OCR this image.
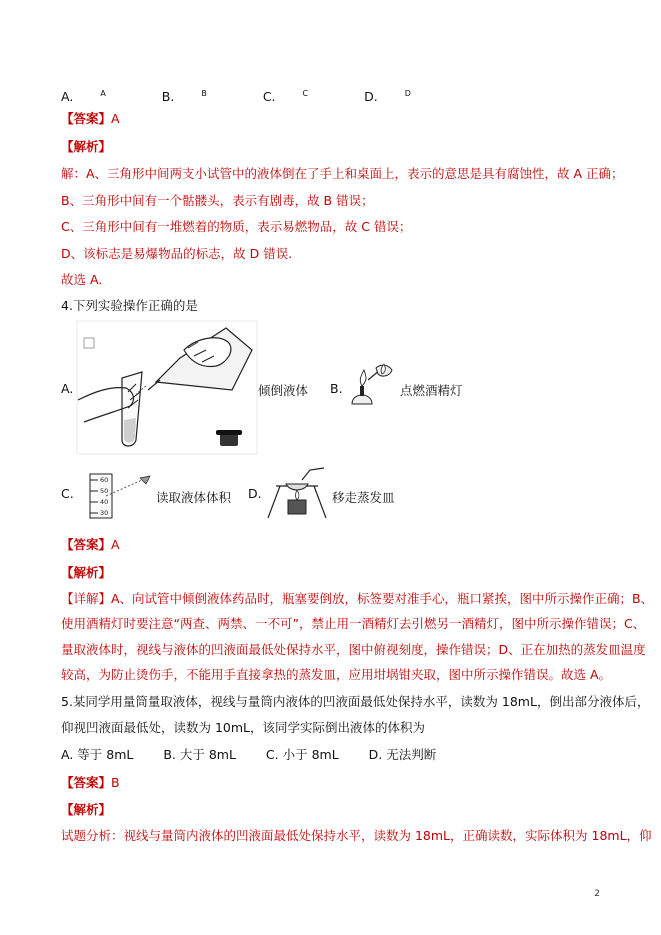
A.	A	B.	B	C.	C	D.	D
【答案】A
【解析】
解：A、三角形中间两支小试管中的液体倒在了手上和桌面上，表示的意思是具有腐蚀性，故 A 正确；
B、三角形中间有一个骷髅头，表示有剧毒，故 B 错误；
C、三角形中间有一堆燃着的物质，表示易燃物品，故 C 错误；
D、该标志是易爆物品的标志，故 D 错误.
故选 A.
4.下列实验操作正确的是
A.	倾倒液体 B.	点燃酒精灯
C.
60
50
40
30
读取液体体积 D.	移走蒸发皿
【答案】A
【解析】
【详解】A、向试管中倾倒液体药品时，瓶塞要倒放，标签要对准手心，瓶口紧挨，图中所示操作正确；B、
使用酒精灯时要注意“两查、两禁、一不可”，禁止用一酒精灯去引燃另一酒精灯，图中所示操作错误；C、
量取液体时，视线与液体的凹液面最低处保持水平，图中俯视刻度，操作错误；D、正在加热的蒸发皿温度
较高，为防止烫伤手，不能用手直接拿热的蒸发皿，应用坩埚钳夹取，图中所示操作错误。故选 A。
5.某同学用量筒量取液体，视线与量筒内液体的凹液面最低处保持水平，读数为 18mL，倒出部分液体后，
仰视凹液面最低处，读数为 10mL，该同学实际倒出液体的体积为
A. 等于 8mL B. 大于 8mL C. 小于 8mL D. 无法判断
【答案】B
【解析】
试题分析：视线与量筒内液体的凹液面最低处保持水平，读数为 18mL，正确读数，实际体积为 18mL，仰
2
